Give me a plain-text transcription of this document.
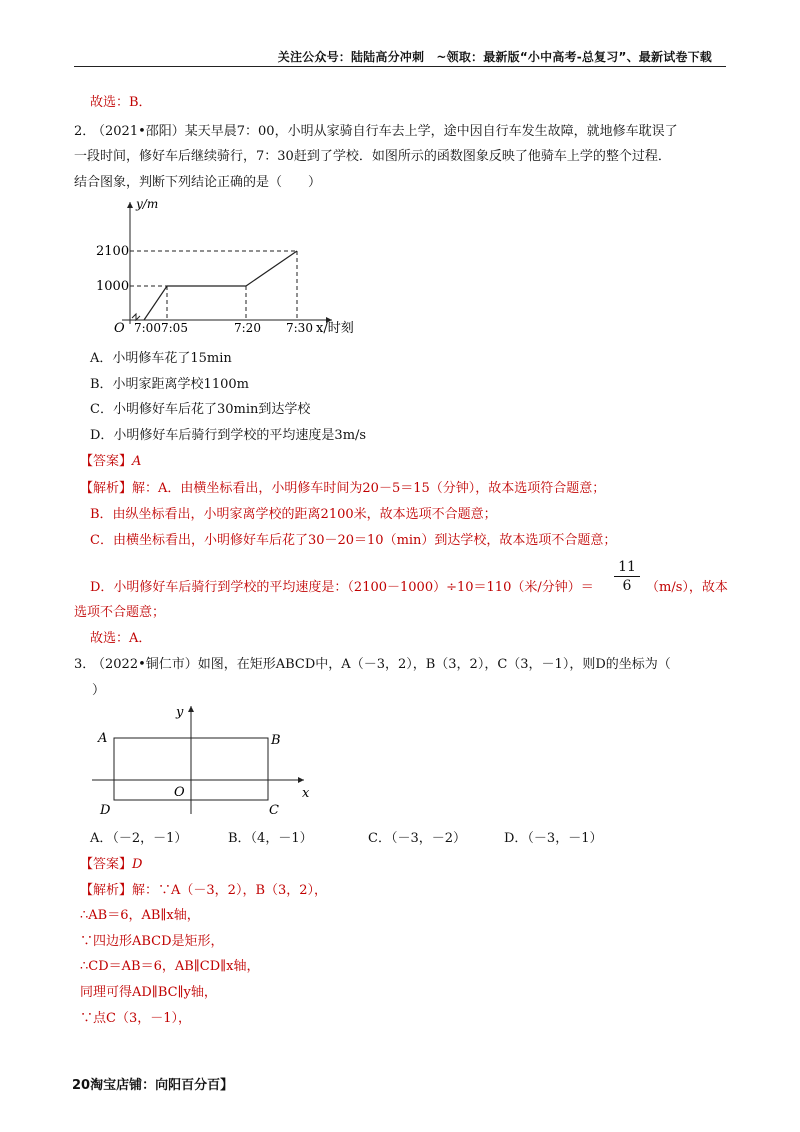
关注公众号：陆陆高分冲刺　~领取：最新版“小中高考-总复习”、最新试卷下载
故选：B．
2．
（2021•邵阳）某天早晨7：00，小明从家骑自行车去上学，途中因自行车发生故障，就地修车耽误了
一段时间，修好车后继续骑行，7：30赶到了学校．如图所示的函数图象反映了他骑车上学的整个过程．
结合图象，判断下列结论正确的是（　　）
y/m
x/时刻
O
2100
1000
7:00 7:05	7:20 7:30
A．小明修车花了15min
B．小明家距离学校1100m
C．小明修好车后花了30min到达学校
D．小明修好车后骑行到学校的平均速度是3m/s
【答案】A
【解析】解：A．由横坐标看出，小明修车时间为20－5＝15（分钟），故本选项符合题意；
B．由纵坐标看出，小明家离学校的距离2100米，故本选项不合题意；
C．由横坐标看出，小明修好车后花了30－20＝10（min）到达学校，故本选项不合题意；
D．小明修好车后骑行到学校的平均速度是：（2100－1000）÷10＝110（米/分钟）＝ $\frac{11}{6} (m/s)$，故本
选项不合题意；
故选：A．
3．
（2022•铜仁市）如图，在矩形ABCD中，A（－3，2），B（3，2），C（3，－1），则D的坐标为（
）
A	B
C
D
O	x
y
A．（－2，－1）	B．（4，－1）	C．（－3，－2）	D．（－3，－1）
【答案】D
【解析】解：∵A（－3，2），B（3，2），
∴AB＝6，AB∥x轴，
∵四边形ABCD是矩形，
∴CD＝AB＝6，AB∥CD∥x轴，
同理可得AD∥BC∥y轴，
∵点C（3，－1），
20淘宝店铺：向阳百分百】
